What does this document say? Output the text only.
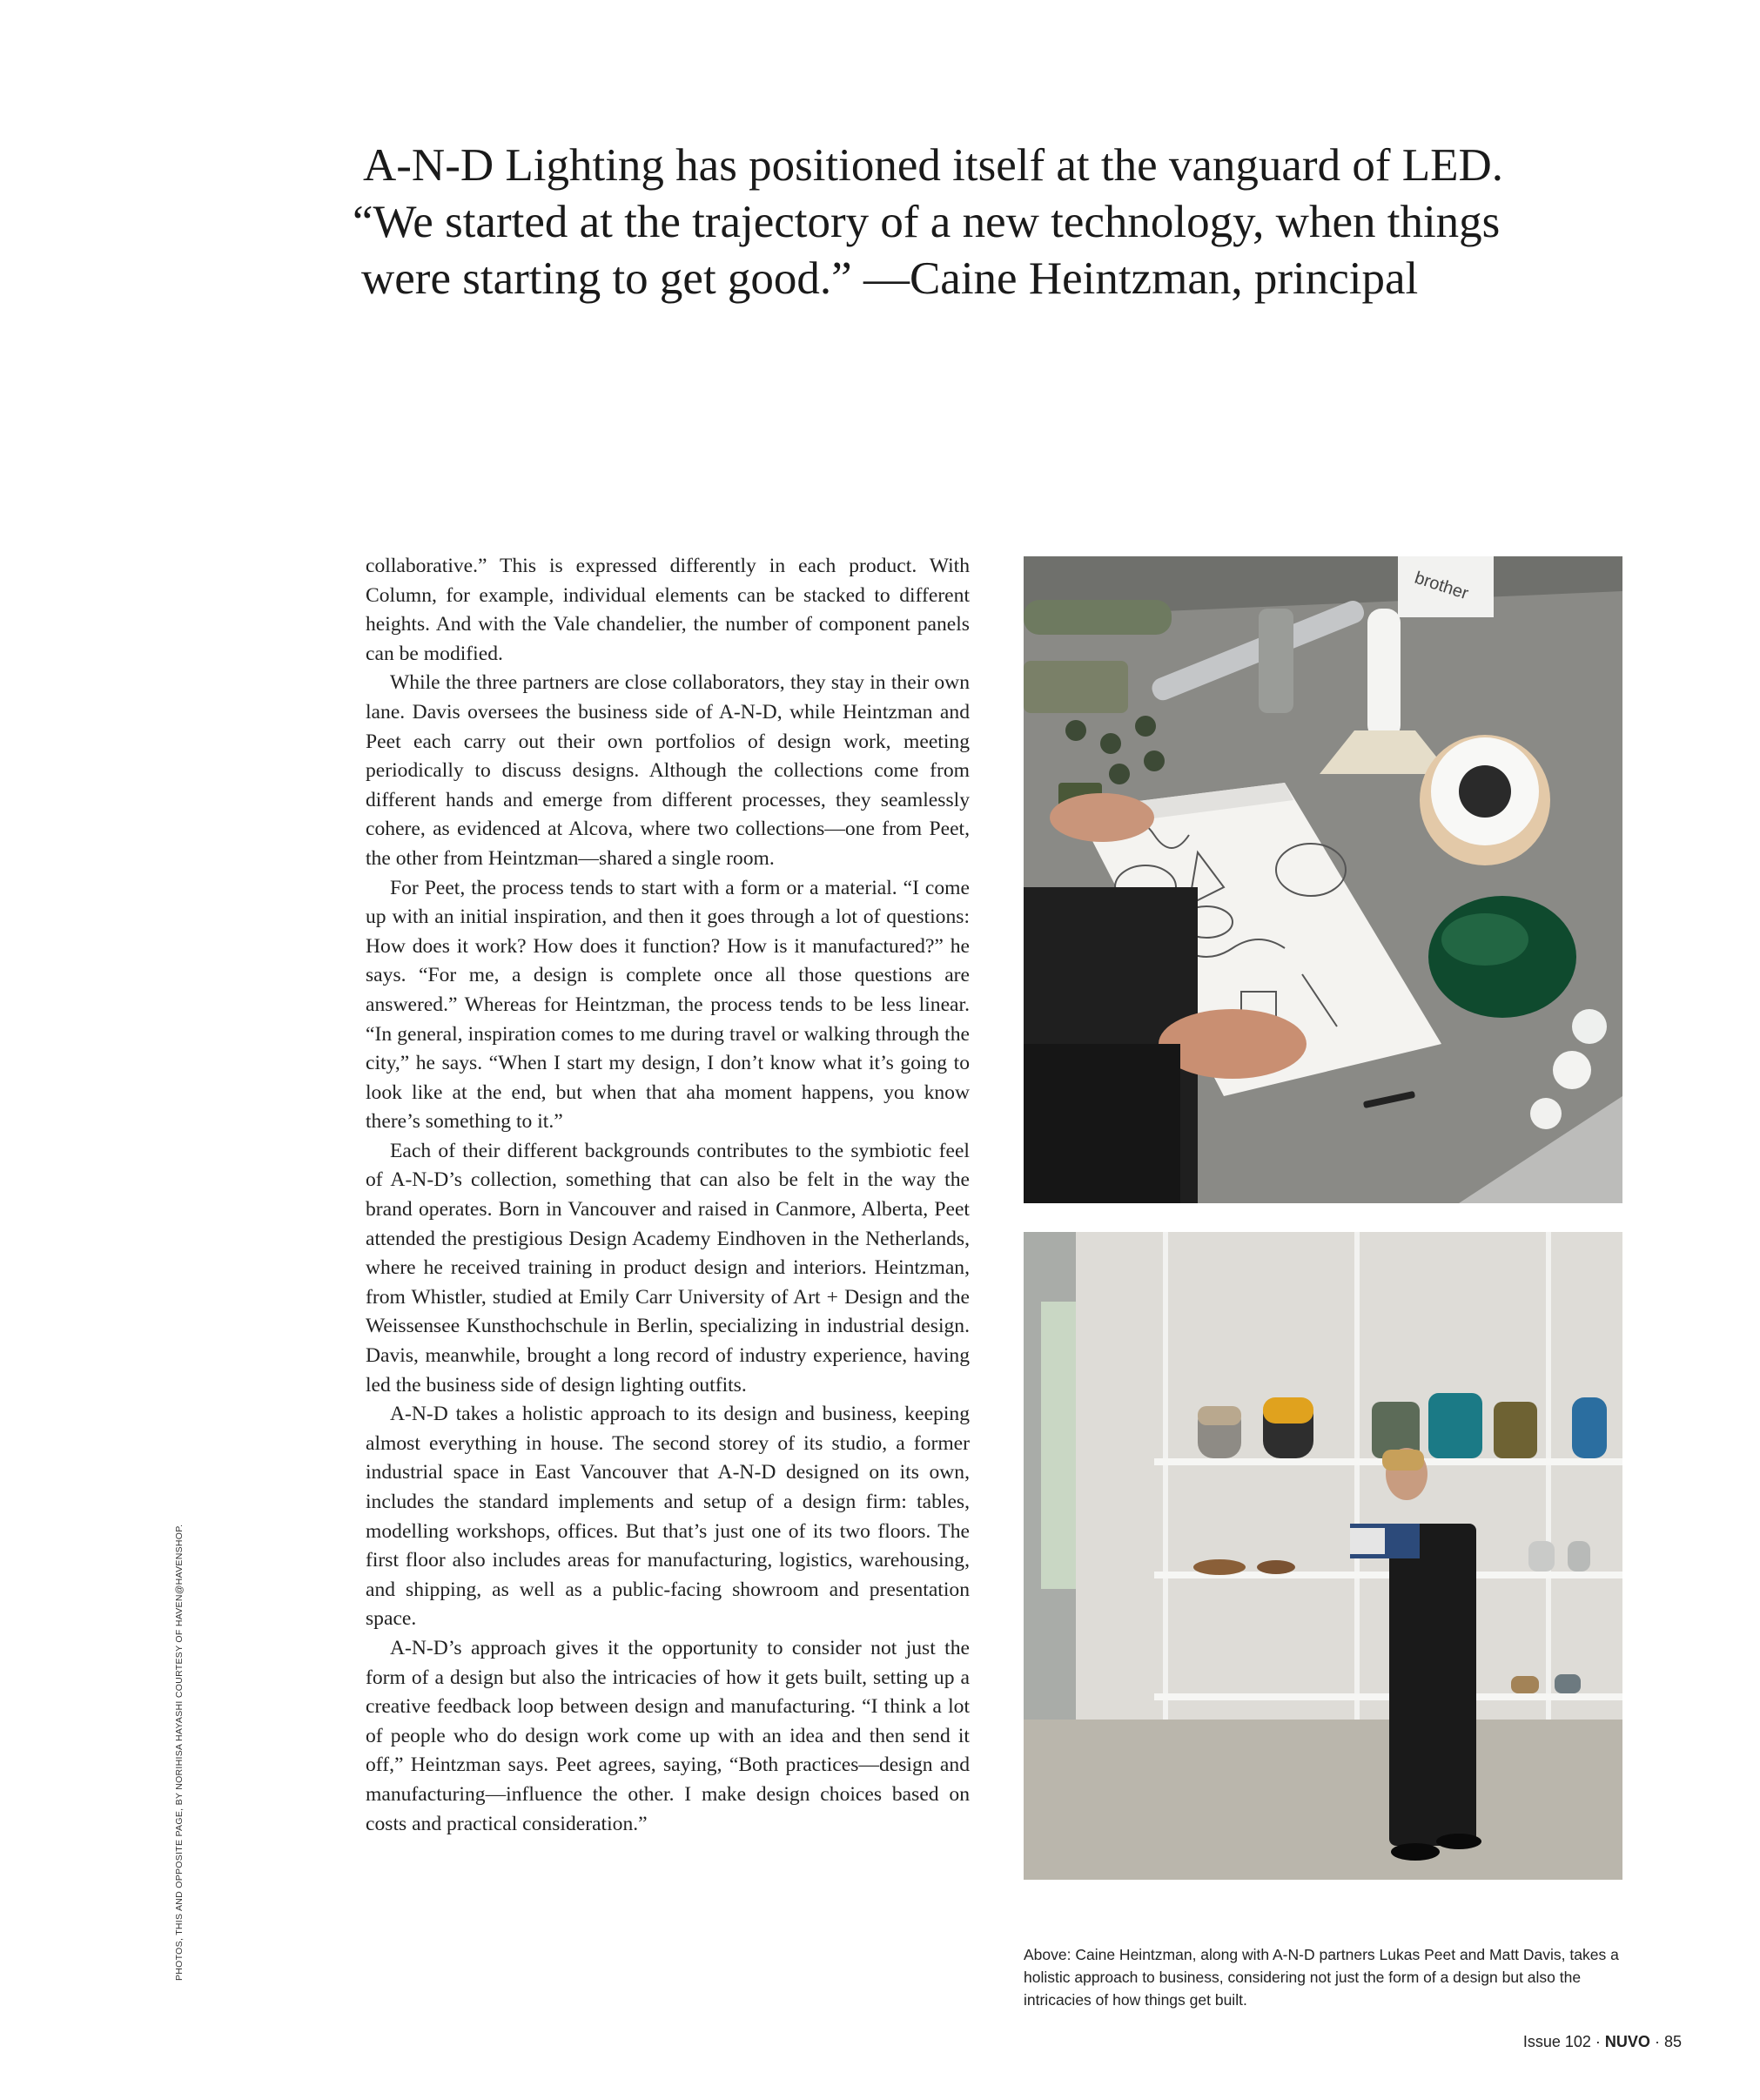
A-N-D Lighting has positioned itself at the vanguard of LED.
“We started at the trajectory of a new technology, when things
were starting to get good.” —Caine Heintzman, principal

collaborative.” This is expressed differently in each product. With Column, for example, individual elements can be stacked to different heights. And with the Vale chandelier, the number of component panels can be modified.

While the three partners are close collaborators, they stay in their own lane. Davis oversees the business side of A-N-D, while Heintzman and Peet each carry out their own portfolios of design work, meeting periodically to discuss designs. Although the collections come from different hands and emerge from different processes, they seamlessly cohere, as evidenced at Alcova, where two collections—one from Peet, the other from Heintzman—shared a single room.

For Peet, the process tends to start with a form or a material. “I come up with an initial inspiration, and then it goes through a lot of questions: How does it work? How does it function? How is it manufactured?” he says. “For me, a design is complete once all those questions are answered.” Whereas for Heintzman, the process tends to be less linear. “In general, inspiration comes to me during travel or walking through the city,” he says. “When I start my design, I don’t know what it’s going to look like at the end, but when that aha moment happens, you know there’s something to it.”

Each of their different backgrounds contributes to the symbiotic feel of A-N-D’s collection, something that can also be felt in the way the brand operates. Born in Vancouver and raised in Canmore, Alberta, Peet attended the prestigious Design Academy Eindhoven in the Netherlands, where he received training in product design and interiors. Heintzman, from Whistler, studied at Emily Carr University of Art + Design and the Weissensee Kunsthochschule in Berlin, specializing in industrial design. Davis, meanwhile, brought a long record of industry experience, having led the business side of design lighting outfits.

A-N-D takes a holistic approach to its design and business, keeping almost everything in house. The second storey of its studio, a former industrial space in East Vancouver that A-N-D designed on its own, includes the standard implements and setup of a design firm: tables, modelling workshops, offices. But that’s just one of its two floors. The first floor also includes areas for manufacturing, logistics, warehousing, and shipping, as well as a public-facing showroom and presentation space.

A-N-D’s approach gives it the opportunity to consider not just the form of a design but also the intricacies of how it gets built, setting up a creative feedback loop between design and manufacturing. “I think a lot of people who do design work come up with an idea and then send it off,” Heintzman says. Peet agrees, saying, “Both practices—design and manufacturing—influence the other. I make design choices based on costs and practical consideration.”

PHOTOS, THIS AND OPPOSITE PAGE, BY NORIHISA HAYASHI COURTESY OF HAVEN@HAVENSHOP.
brother
Above: Caine Heintzman, along with A-N-D partners Lukas Peet and Matt Davis, takes a holistic approach to business, considering not just the form of a design but also the intricacies of how things get built.
Issue 102 · NUVO · 85
